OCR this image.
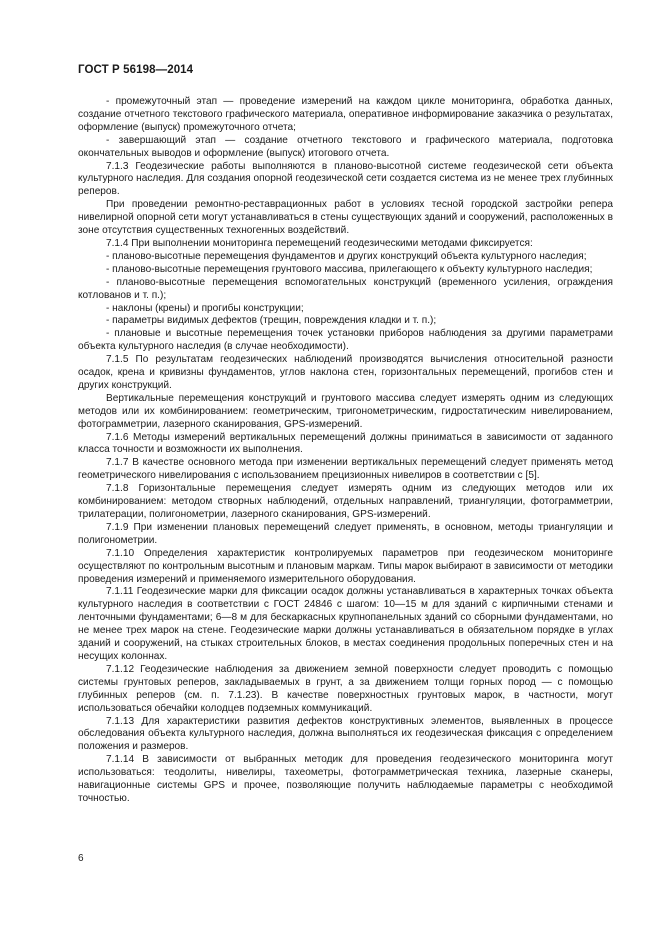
ГОСТ Р 56198—2014

- промежуточный этап — проведение измерений на каждом цикле мониторинга, обработка данных, создание отчетного текстового графического материала, оперативное информирование заказчика о результатах, оформление (выпуск) промежуточного отчета;

- завершающий этап — создание отчетного текстового и графического материала, подготовка окончательных выводов и оформление (выпуск) итогового отчета.

7.1.3 Геодезические работы выполняются в планово-высотной системе геодезической сети объекта культурного наследия. Для создания опорной геодезической сети создается система из не менее трех глубинных реперов.

При проведении ремонтно-реставрационных работ в условиях тесной городской застройки репера нивелирной опорной сети могут устанавливаться в стены существующих зданий и сооружений, расположенных в зоне отсутствия существенных техногенных воздействий.

7.1.4 При выполнении мониторинга перемещений геодезическими методами фиксируется:

- планово-высотные перемещения фундаментов и других конструкций объекта культурного наследия;

- планово-высотные перемещения грунтового массива, прилегающего к объекту культурного наследия;

- планово-высотные перемещения вспомогательных конструкций (временного усиления, ограждения котлованов и т. п.);

- наклоны (крены) и прогибы конструкции;

- параметры видимых дефектов (трещин, повреждения кладки и т. п.);

- плановые и высотные перемещения точек установки приборов наблюдения за другими параметрами объекта культурного наследия (в случае необходимости).

7.1.5 По результатам геодезических наблюдений производятся вычисления относительной разности осадок, крена и кривизны фундаментов, углов наклона стен, горизонтальных перемещений, прогибов стен и других конструкций.

Вертикальные перемещения конструкций и грунтового массива следует измерять одним из следующих методов или их комбинированием: геометрическим, тригонометрическим, гидростатическим нивелированием, фотограмметрии, лазерного сканирования, GPS-измерений.

7.1.6 Методы измерений вертикальных перемещений должны приниматься в зависимости от заданного класса точности и возможности их выполнения.

7.1.7 В качестве основного метода при изменении вертикальных перемещений следует применять метод геометрического нивелирования с использованием прецизионных нивелиров в соответствии с [5].

7.1.8 Горизонтальные перемещения следует измерять одним из следующих методов или их комбинированием: методом створных наблюдений, отдельных направлений, триангуляции, фотограмметрии, трилатерации, полигонометрии, лазерного сканирования, GPS-измерений.

7.1.9 При изменении плановых перемещений следует применять, в основном, методы триангуляции и полигонометрии.

7.1.10 Определения характеристик контролируемых параметров при геодезическом мониторинге осуществляют по контрольным высотным и плановым маркам. Типы марок выбирают в зависимости от методики проведения измерений и применяемого измерительного оборудования.

7.1.11 Геодезические марки для фиксации осадок должны устанавливаться в характерных точках объекта культурного наследия в соответствии с ГОСТ 24846 с шагом: 10—15 м для зданий с кирпичными стенами и ленточными фундаментами; 6—8 м для бескаркасных крупнопанельных зданий со сборными фундаментами, но не менее трех марок на стене. Геодезические марки должны устанавливаться в обязательном порядке в углах зданий и сооружений, на стыках строительных блоков, в местах соединения продольных поперечных стен и на несущих колоннах.

7.1.12 Геодезические наблюдения за движением земной поверхности следует проводить с помощью системы грунтовых реперов, закладываемых в грунт, а за движением толщи горных пород — с помощью глубинных реперов (см. п. 7.1.23). В качестве поверхностных грунтовых марок, в частности, могут использоваться обечайки колодцев подземных коммуникаций.

7.1.13 Для характеристики развития дефектов конструктивных элементов, выявленных в процессе обследования объекта культурного наследия, должна выполняться их геодезическая фиксация с определением положения и размеров.

7.1.14 В зависимости от выбранных методик для проведения геодезического мониторинга могут использоваться: теодолиты, нивелиры, тахеометры, фотограмметрическая техника, лазерные сканеры, навигационные системы GPS и прочее, позволяющие получить наблюдаемые параметры с необходимой точностью.

6
